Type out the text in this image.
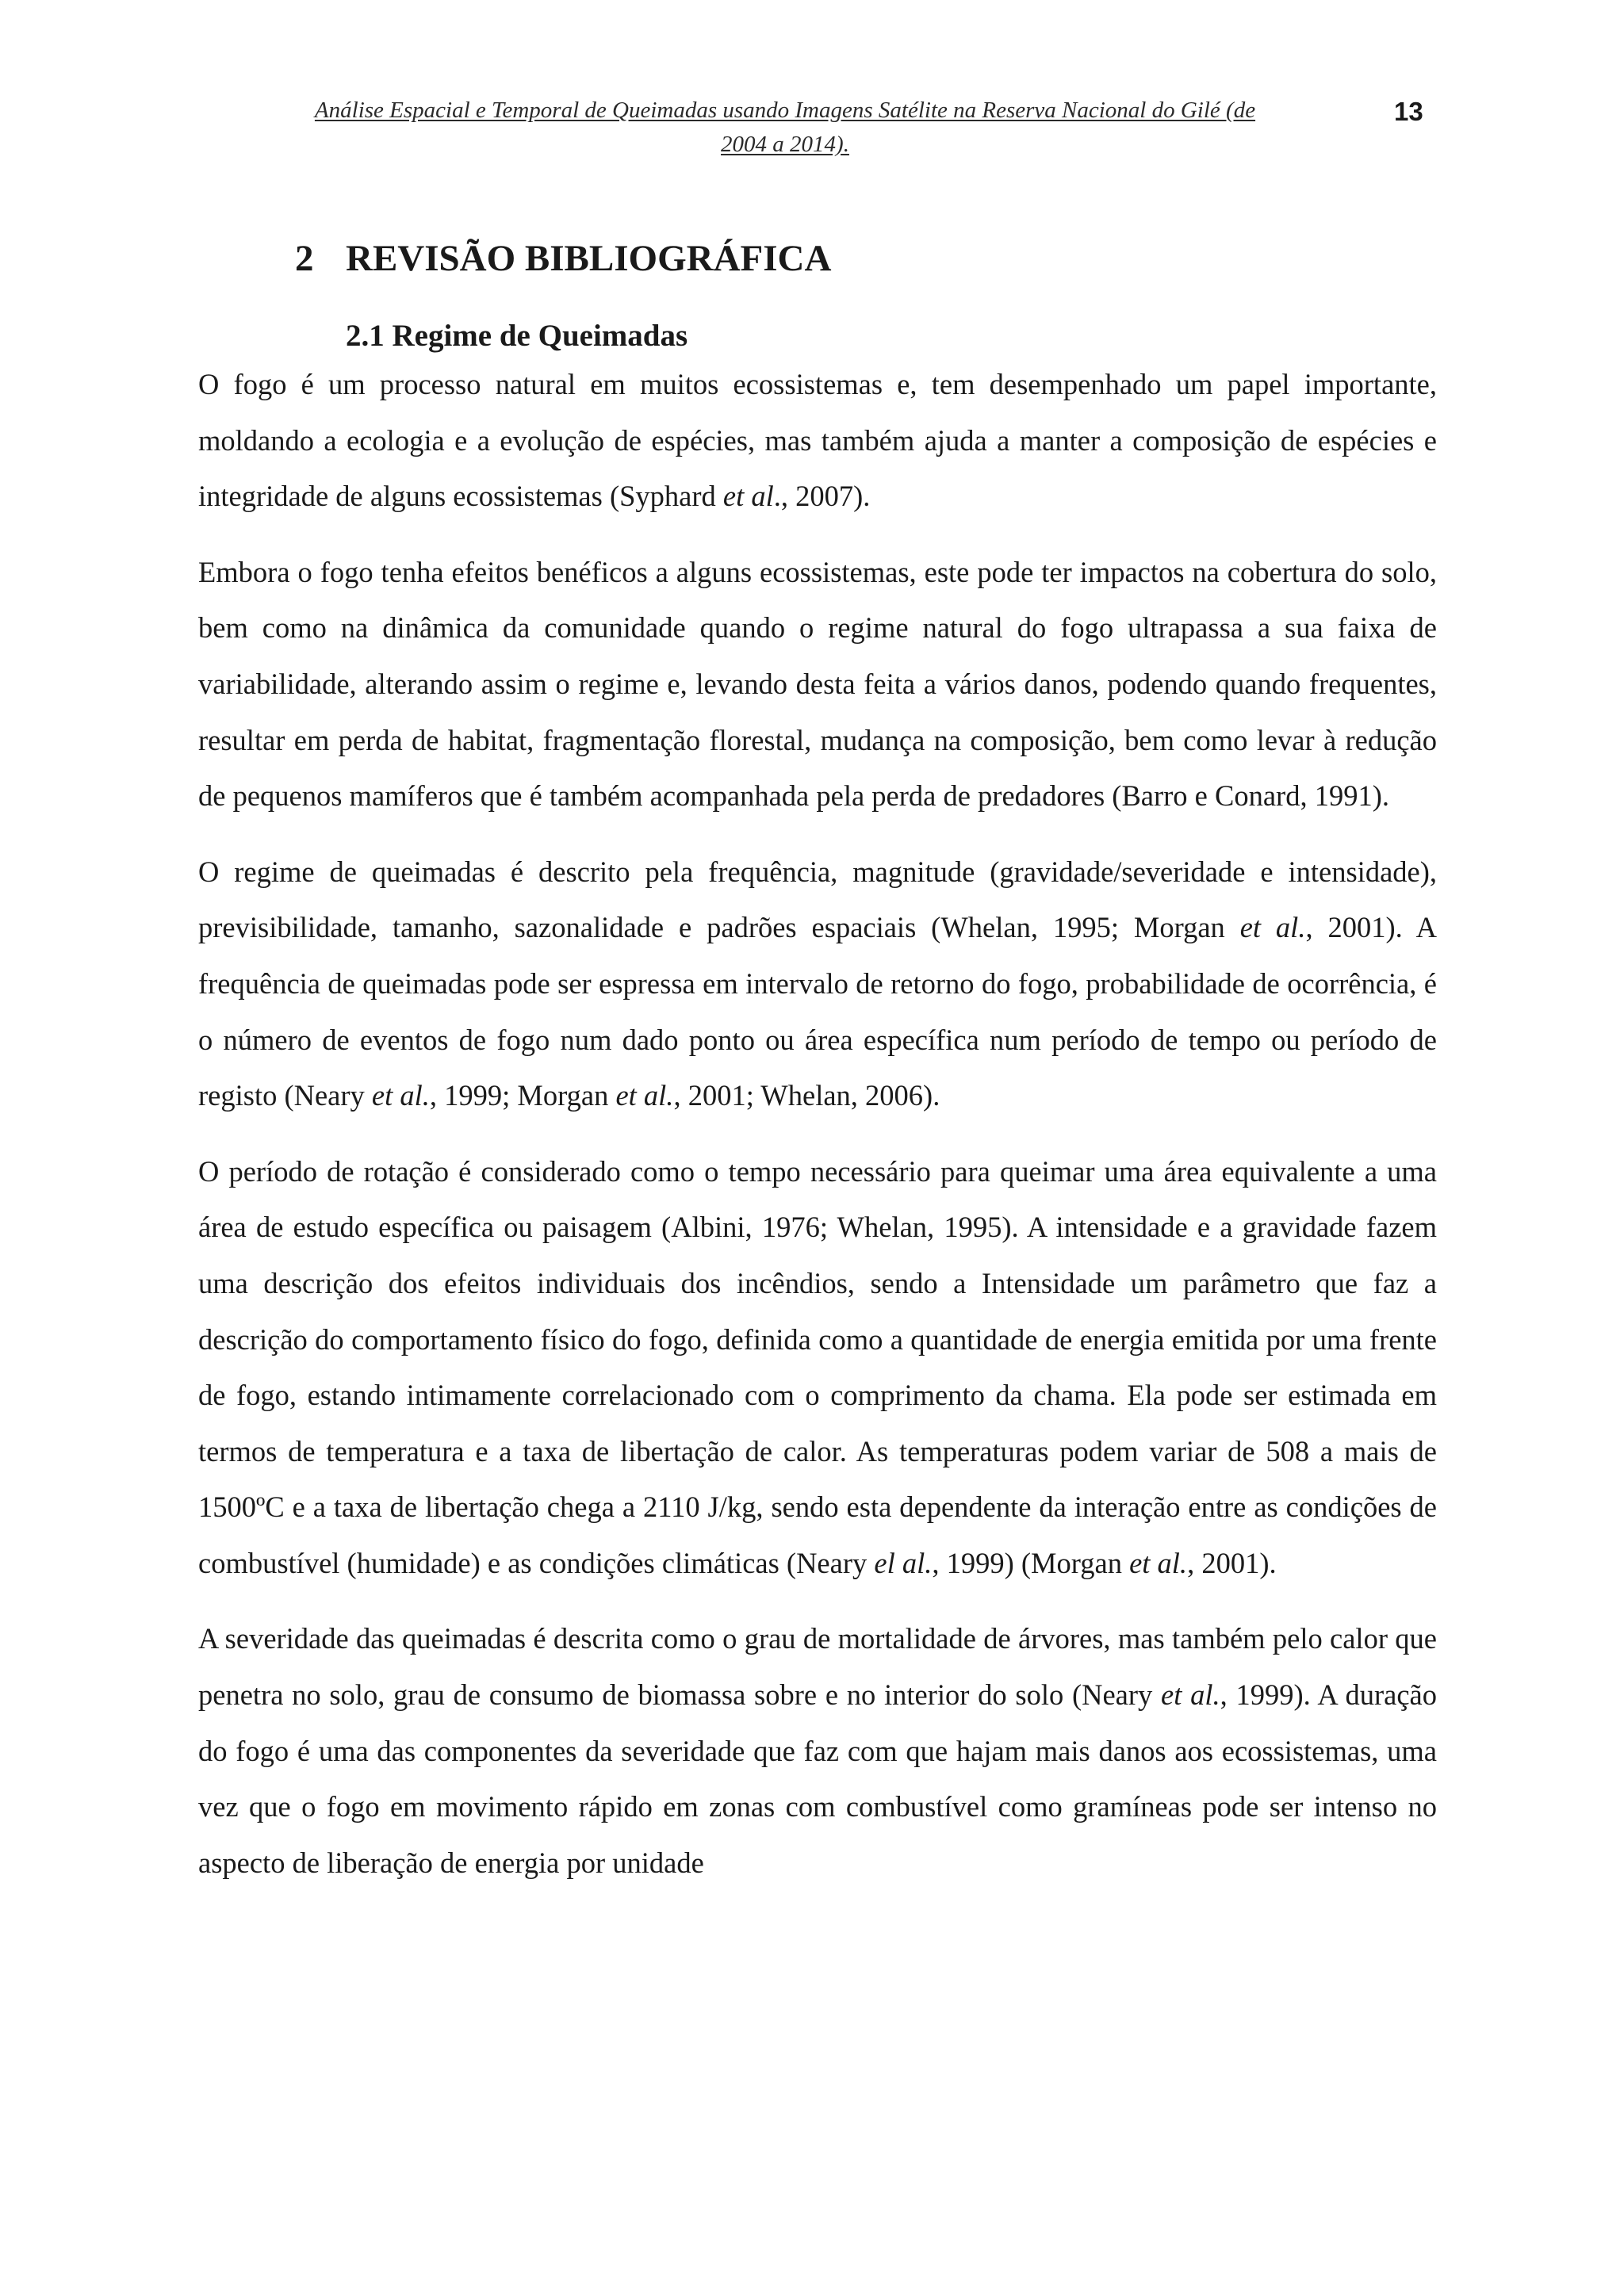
Análise Espacial e Temporal de Queimadas usando Imagens Satélite na Reserva Nacional do Gilé (de
2004 a 2014).
13
2 REVISÃO BIBLIOGRÁFICA
2.1 Regime de Queimadas

O fogo é um processo natural em muitos ecossistemas e, tem desempenhado um papel importante, moldando a ecologia e a evolução de espécies, mas também ajuda a manter a composição de espécies e integridade de alguns ecossistemas (Syphard et al., 2007).

Embora o fogo tenha efeitos benéficos a alguns ecossistemas, este pode ter impactos na cobertura do solo, bem como na dinâmica da comunidade quando o regime natural do fogo ultrapassa a sua faixa de variabilidade, alterando assim o regime e, levando desta feita a vários danos, podendo quando frequentes, resultar em perda de habitat, fragmentação florestal, mudança na composição, bem como levar à redução de pequenos mamíferos que é também acompanhada pela perda de predadores (Barro e Conard, 1991).

O regime de queimadas é descrito pela frequência, magnitude (gravidade/severidade e intensidade), previsibilidade, tamanho, sazonalidade e padrões espaciais (Whelan, 1995; Morgan et al., 2001). A frequência de queimadas pode ser espressa em intervalo de retorno do fogo, probabilidade de ocorrência, é o número de eventos de fogo num dado ponto ou área específica num período de tempo ou período de registo (Neary et al., 1999; Morgan et al., 2001; Whelan, 2006).

O período de rotação é considerado como o tempo necessário para queimar uma área equivalente a uma área de estudo específica ou paisagem (Albini, 1976; Whelan, 1995). A intensidade e a gravidade fazem uma descrição dos efeitos individuais dos incêndios, sendo a Intensidade um parâmetro que faz a descrição do comportamento físico do fogo, definida como a quantidade de energia emitida por uma frente de fogo, estando intimamente correlacionado com o comprimento da chama. Ela pode ser estimada em termos de temperatura e a taxa de libertação de calor. As temperaturas podem variar de 508 a mais de 1500ºC e a taxa de libertação chega a 2110 J/kg, sendo esta dependente da interação entre as condições de combustível (humidade) e as condições climáticas (Neary el al., 1999) (Morgan et al., 2001).

A severidade das queimadas é descrita como o grau de mortalidade de árvores, mas também pelo calor que penetra no solo, grau de consumo de biomassa sobre e no interior do solo (Neary et al., 1999). A duração do fogo é uma das componentes da severidade que faz com que hajam mais danos aos ecossistemas, uma vez que o fogo em movimento rápido em zonas com combustível como gramíneas pode ser intenso no aspecto de liberação de energia por unidade
